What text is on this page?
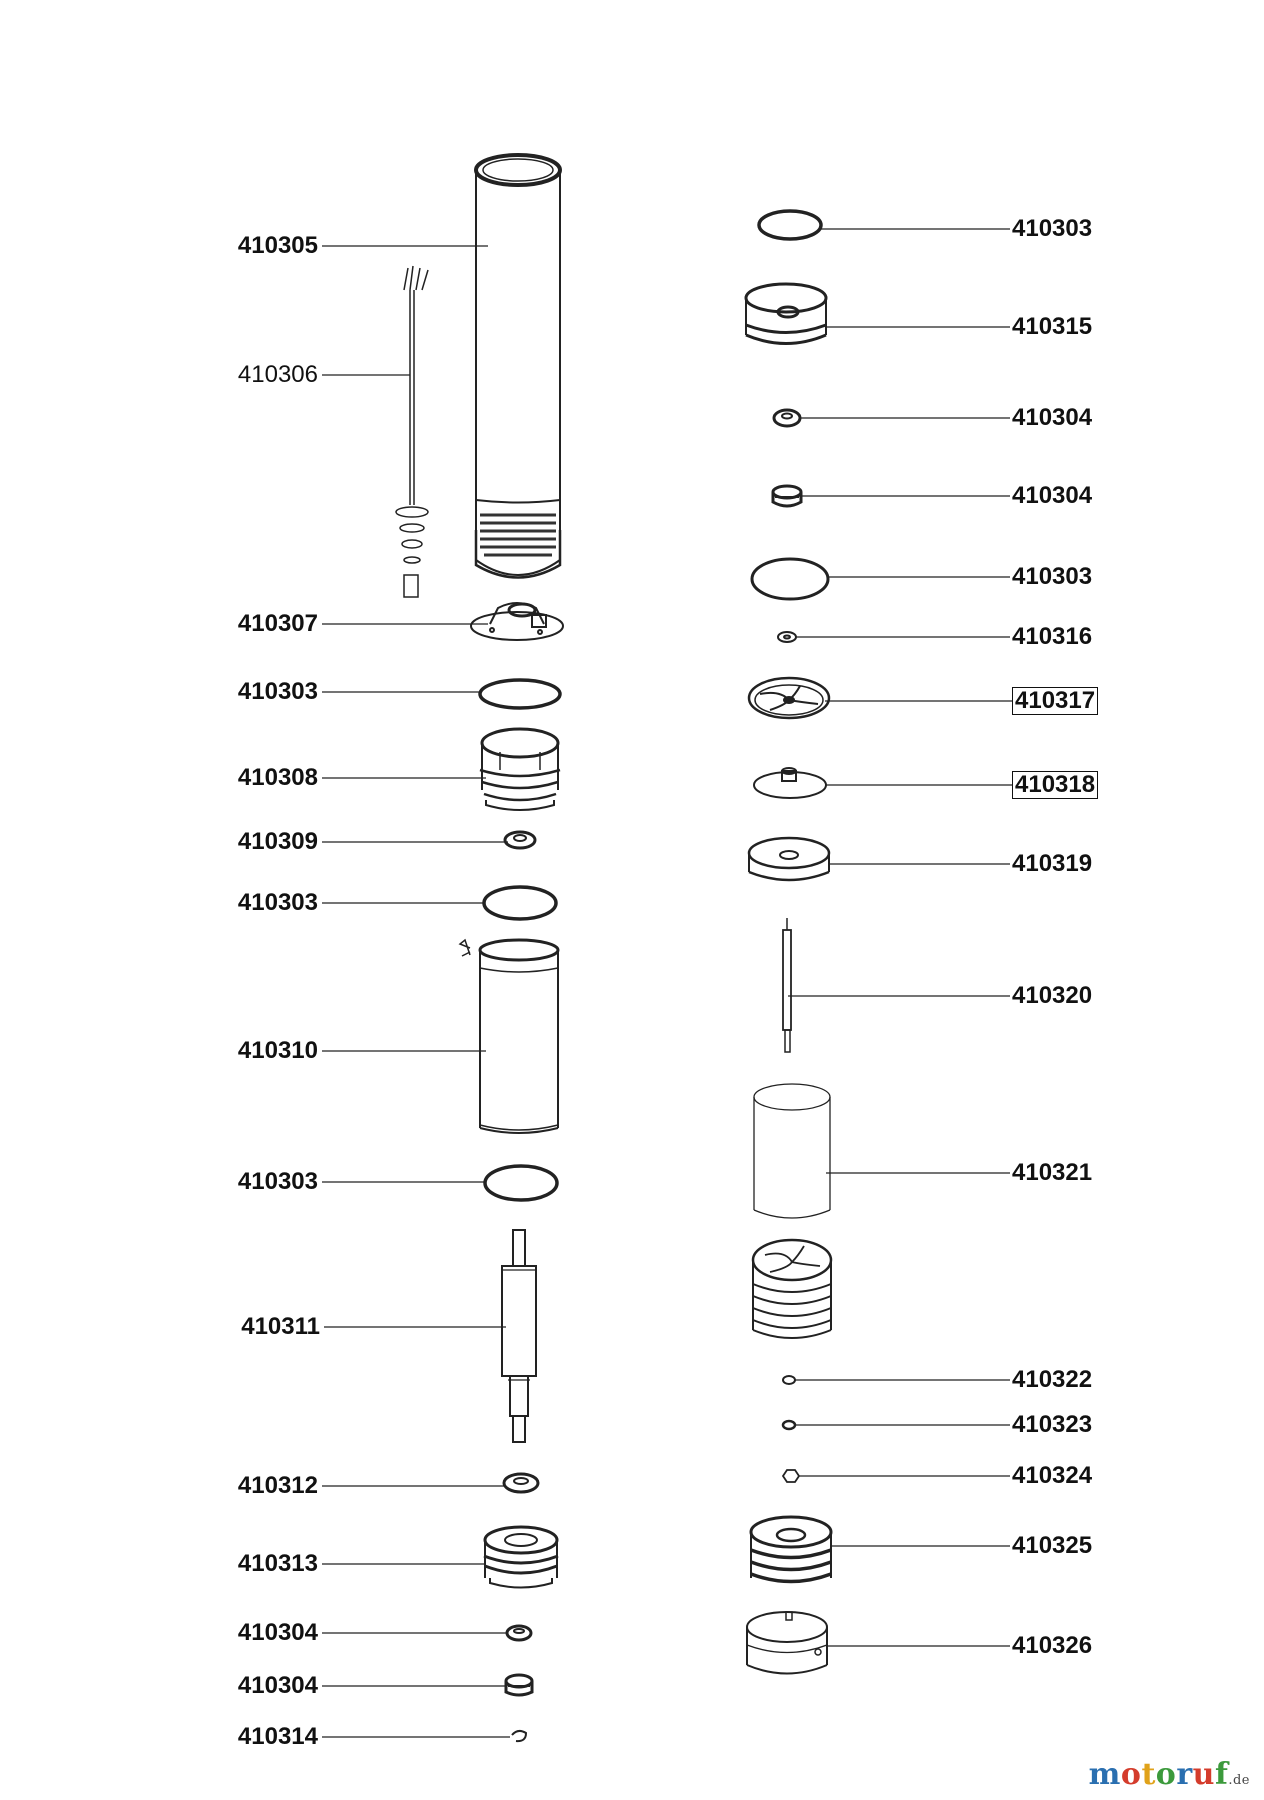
410305
410306
410307
410303
410308
410309
410303
410310
410303
410311
410312
410313
410304
410304
410314
410303
410315
410304
410304
410303
410316
410317
410318
410319
410320
410321
410322
410323
410324
410325
410326
motoruf.de
